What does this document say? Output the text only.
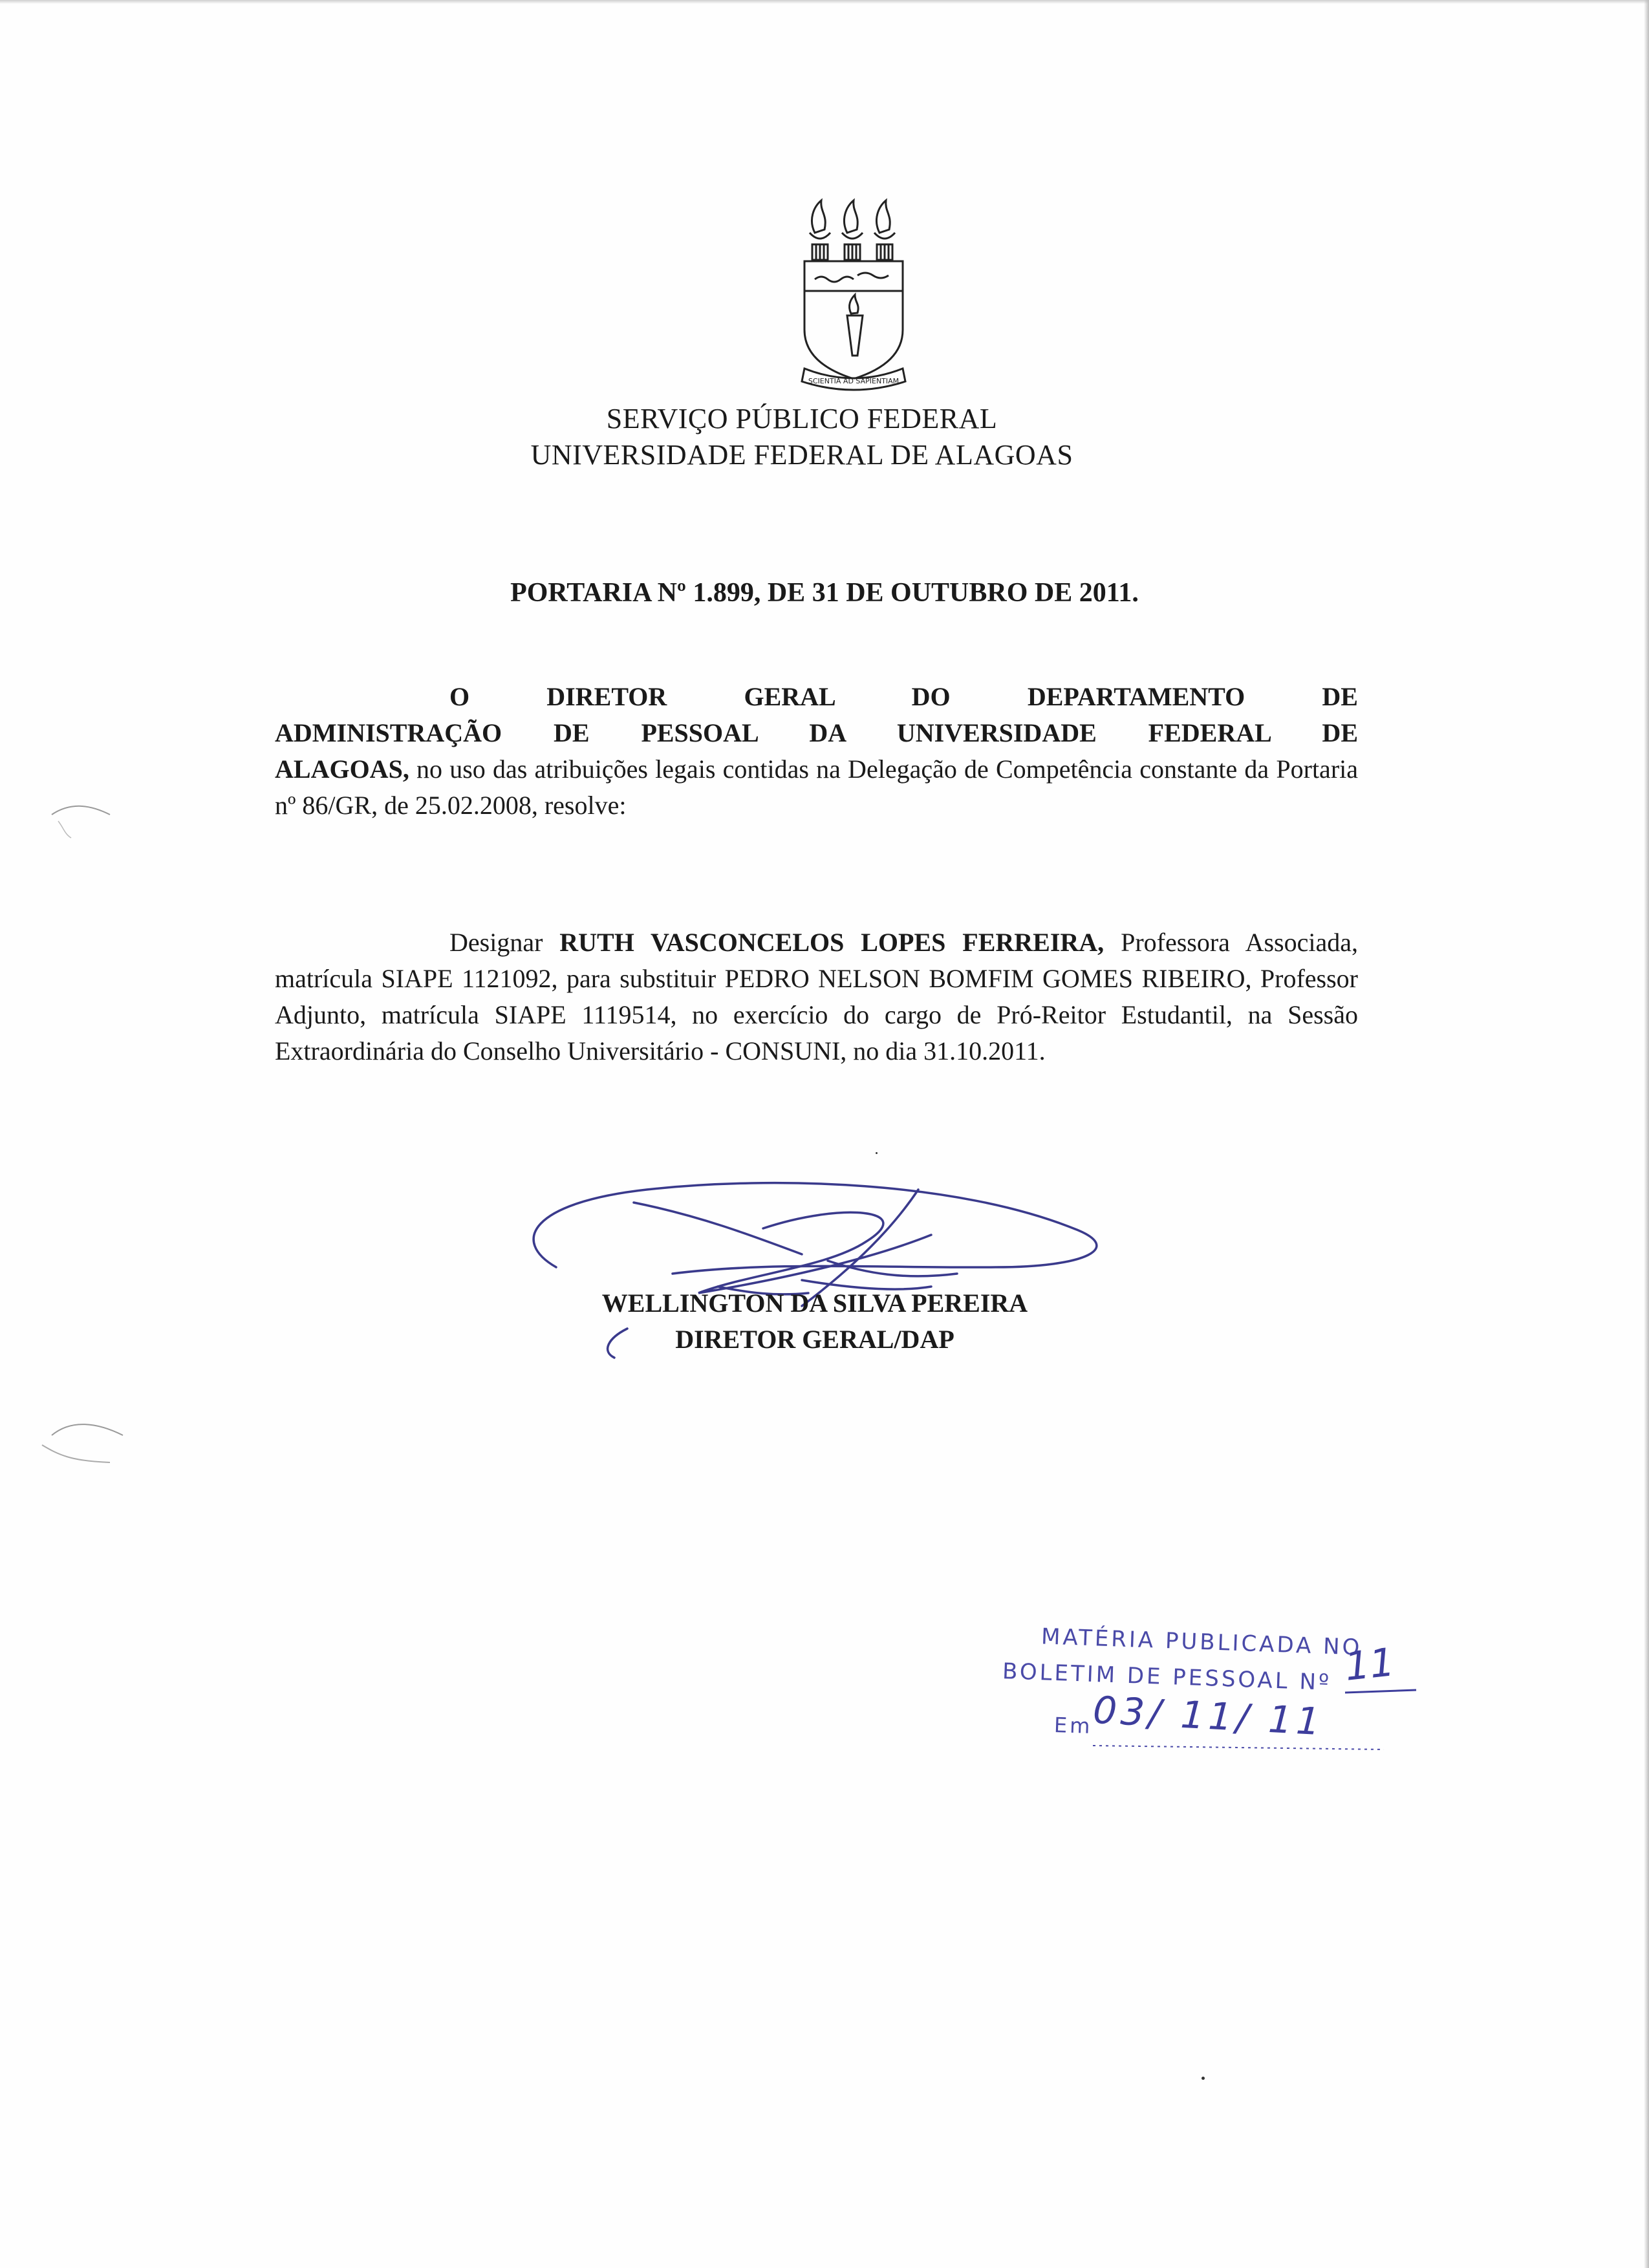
SCIENTIA AD SAPIENTIAM
SERVIÇO PÚBLICO FEDERAL
UNIVERSIDADE FEDERAL DE ALAGOAS
PORTARIA Nº 1.899, DE 31 DE OUTUBRO DE 2011.
O DIRETOR GERAL DO DEPARTAMENTO DE ADMINISTRAÇÃO DE PESSOAL DA UNIVERSIDADE FEDERAL DE ALAGOAS, no uso das atribuições legais contidas na Delegação de Competência constante da Portaria nº 86/GR, de 25.02.2008, resolve:
Designar RUTH VASCONCELOS LOPES FERREIRA, Professora Associada, matrícula SIAPE 1121092, para substituir PEDRO NELSON BOMFIM GOMES RIBEIRO, Professor Adjunto, matrícula SIAPE 1119514, no exercício do cargo de Pró-Reitor Estudantil, na Sessão Extraordinária do Conselho Universitário - CONSUNI, no dia 31.10.2011.
WELLINGTON DA SILVA PEREIRA
DIRETOR GERAL/DAP
MATÉRIA PUBLICADA NO
BOLETIM DE PESSOAL Nº
Em
11
03/ 11/ 11
